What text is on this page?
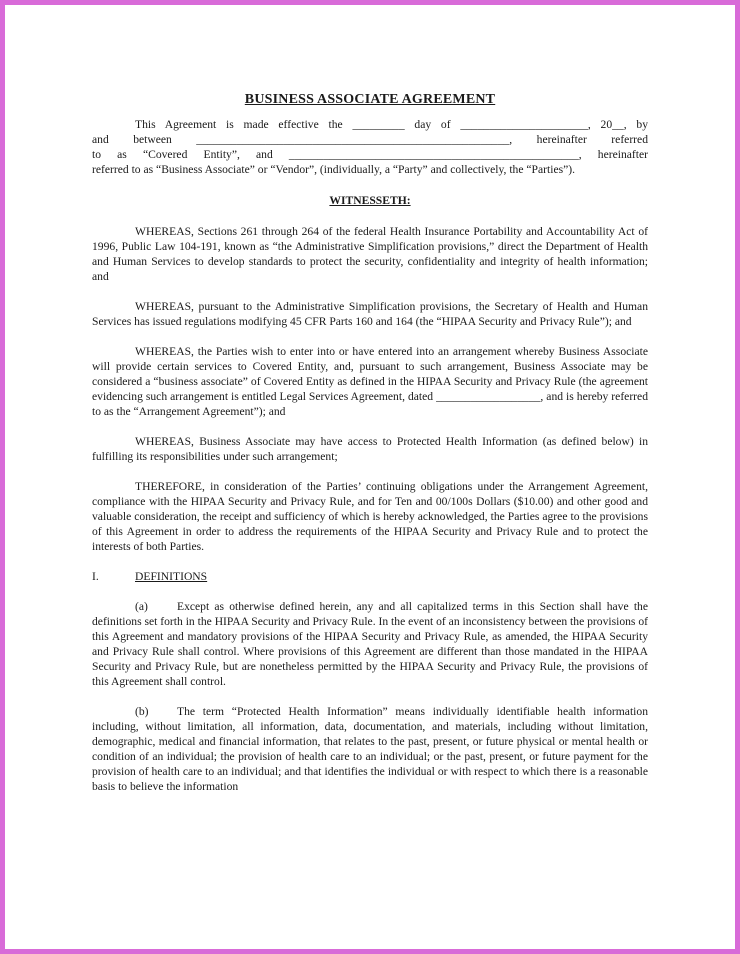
BUSINESS ASSOCIATE AGREEMENT

This Agreement is made effective the _________ day of ______________________, 20__, by

and between ______________________________________________________, hereinafter referred

to as “Covered Entity”, and __________________________________________________, hereinafter

referred to as “Business Associate” or “Vendor”, (individually, a “Party” and collectively, the “Parties”).

WITNESSETH:

WHEREAS, Sections 261 through 264 of the federal Health Insurance Portability and Accountability Act of 1996, Public Law 104-191, known as “the Administrative Simplification provisions,” direct the Department of Health and Human Services to develop standards to protect the security, confidentiality and integrity of health information; and

WHEREAS, pursuant to the Administrative Simplification provisions, the Secretary of Health and Human Services has issued regulations modifying 45 CFR Parts 160 and 164 (the “HIPAA Security and Privacy Rule”); and

WHEREAS, the Parties wish to enter into or have entered into an arrangement whereby Business Associate will provide certain services to Covered Entity, and, pursuant to such arrangement, Business Associate may be considered a “business associate” of Covered Entity as defined in the HIPAA Security and Privacy Rule (the agreement evidencing such arrangement is entitled Legal Services Agreement, dated __________________, and is hereby referred to as the “Arrangement Agreement”); and

WHEREAS, Business Associate may have access to Protected Health Information (as defined below) in fulfilling its responsibilities under such arrangement;

THEREFORE, in consideration of the Parties’ continuing obligations under the Arrangement Agreement, compliance with the HIPAA Security and Privacy Rule, and for Ten and 00/100s Dollars ($10.00) and other good and valuable consideration, the receipt and sufficiency of which is hereby acknowledged, the Parties agree to the provisions of this Agreement in order to address the requirements of the HIPAA Security and Privacy Rule and to protect the interests of both Parties.

I.	DEFINITIONS

(a)	Except as otherwise defined herein, any and all capitalized terms in this Section shall have the definitions set forth in the HIPAA Security and Privacy Rule. In the event of an inconsistency between the provisions of this Agreement and mandatory provisions of the HIPAA Security and Privacy Rule, as amended, the HIPAA Security and Privacy Rule shall control. Where provisions of this Agreement are different than those mandated in the HIPAA Security and Privacy Rule, but are nonetheless permitted by the HIPAA Security and Privacy Rule, the provisions of this Agreement shall control.

(b) The term “Protected Health Information” means individually identifiable health information including, without limitation, all information, data, documentation, and materials, including without limitation, demographic, medical and financial information, that relates to the past, present, or future physical or mental health or condition of an individual; the provision of health care to an individual; or the past, present, or future payment for the provision of health care to an individual; and that identifies the individual or with respect to which there is a reasonable basis to believe the information
